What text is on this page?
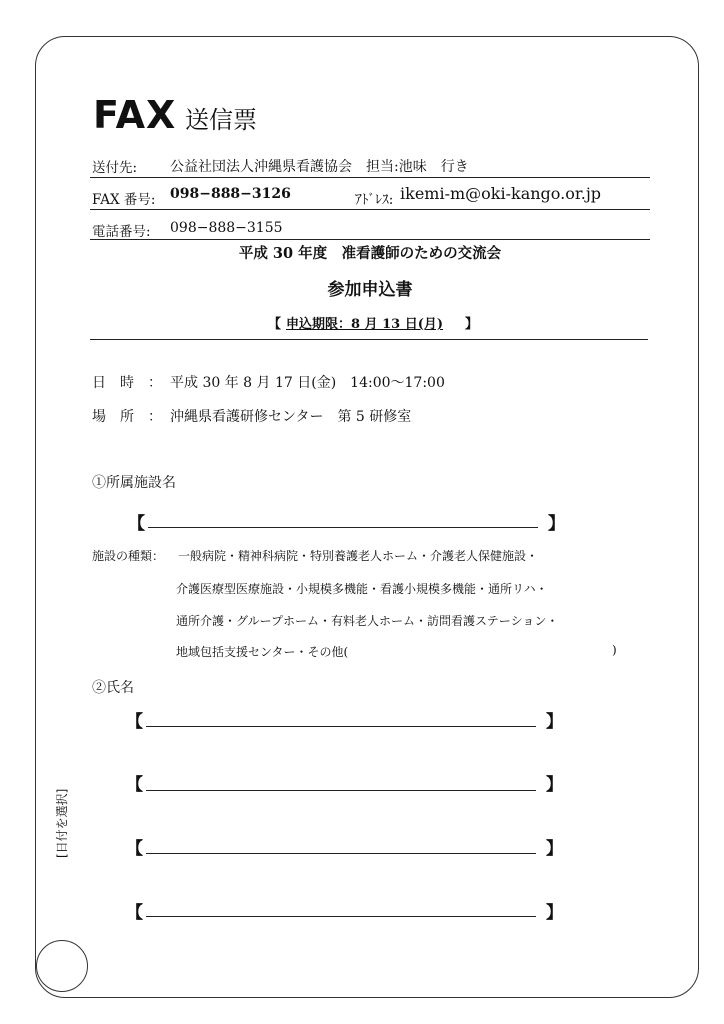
FAX 送信票
送付先: 公益社団法人沖縄県看護協会　担当:池味　行き
FAX 番号: 098−888−3126	ｱﾄﾞﾚｽ: ikemi-m@oki-kango.or.jp
電話番号: 098−888−3155
平成 30 年度　准看護師のための交流会
参加申込書
【 申込期限：8 月 13 日(月) 】
日　時　： 平成 30 年 8 月 17 日(金)　14:00〜17:00
場　所　： 沖縄県看護研修センター　第 5 研修室
①所属施設名
【	】
施設の種類： 一般病院・精神科病院・特別養護老人ホーム・介護老人保健施設・
介護医療型医療施設・小規模多機能・看護小規模多機能・通所リハ・
通所介護・グループホーム・有料老人ホーム・訪問看護ステーション・
地域包括支援センター・その他(	)
②氏名
【	】
【	】
【	】
【	】
[日付を選択]
